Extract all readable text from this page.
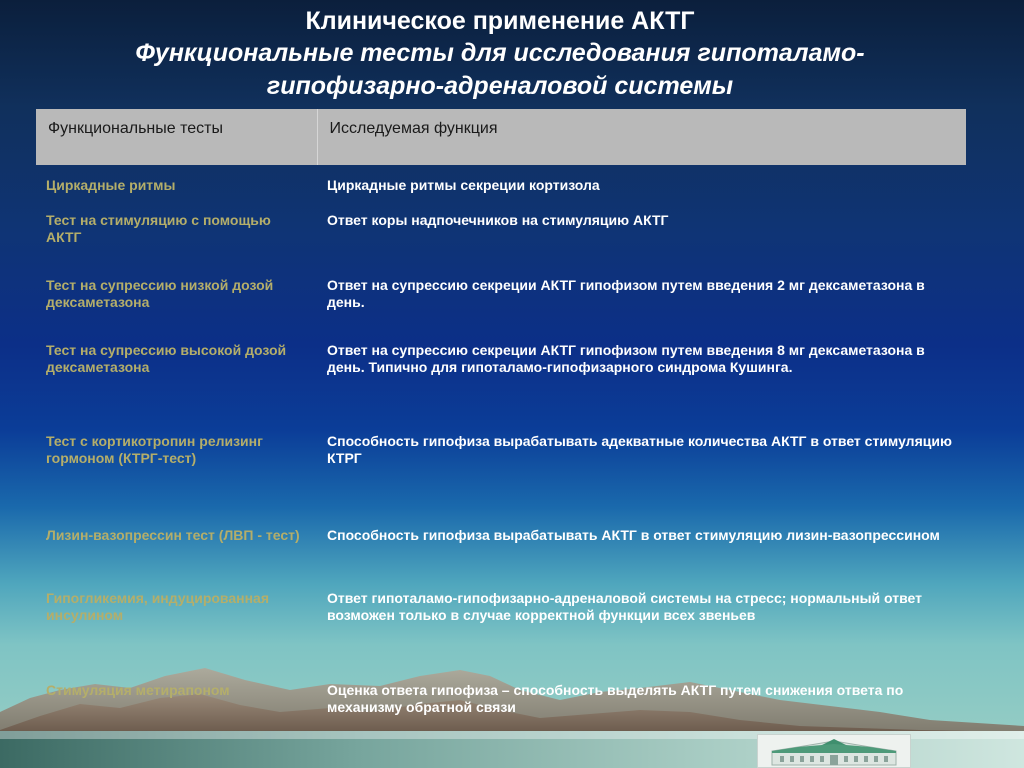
Клиническое применение АКТГ
Функциональные тесты для исследования гипоталамо-
гипофизарно-адреналовой системы
Функциональные тесты	Исследуемая функция
Циркадные ритмы	Циркадные ритмы секреции кортизола
Тест на стимуляцию с помощью АКТГ	Ответ коры надпочечников на стимуляцию АКТГ
Тест на супрессию низкой дозой дексаметазона	Ответ на супрессию секреции АКТГ гипофизом путем введения 2 мг дексаметазона в день.
Тест на супрессию высокой дозой дексаметазона	Ответ на супрессию секреции АКТГ гипофизом путем введения 8 мг дексаметазона в день. Типично для гипоталамо-гипофизарного синдрома Кушинга.
Тест с кортикотропин релизинг гормоном (КТРГ-тест)	Способность гипофиза вырабатывать адекватные количества АКТГ в ответ стимуляцию КТРГ
Лизин-вазопрессин тест (ЛВП - тест)	Способность гипофиза вырабатывать АКТГ в ответ стимуляцию лизин-вазопрессином
Гипогликемия, индуцированная инсулином	Ответ гипоталамо-гипофизарно-адреналовой системы на стресс; нормальный ответ возможен только в случае корректной функции всех звеньев
Стимуляция метирапоном	Оценка ответа гипофиза – способность выделять АКТГ путем снижения ответа по механизму обратной связи
